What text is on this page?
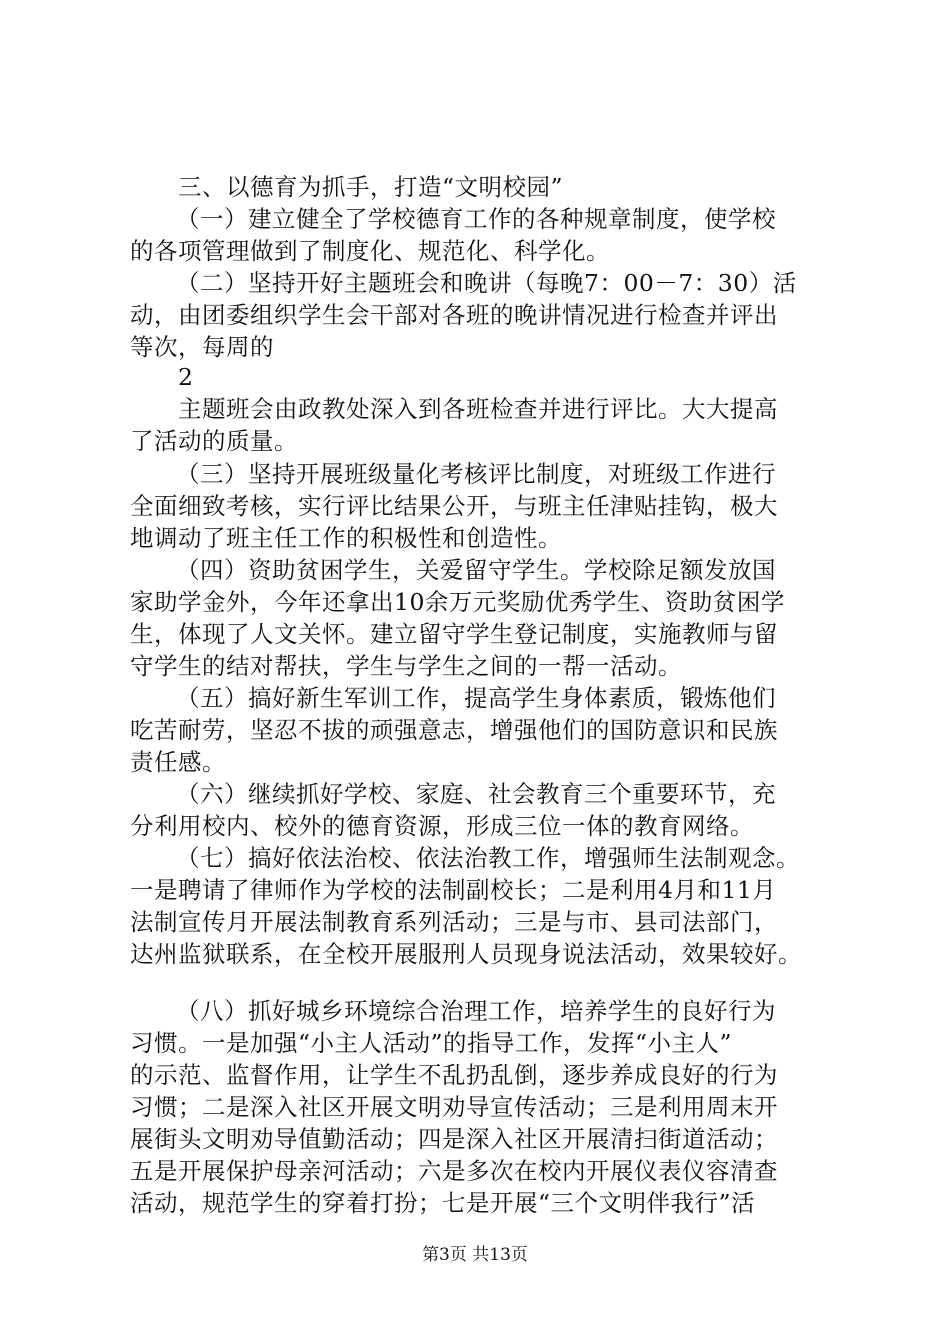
三、以德育为抓手，打造“文明校园”
（一）建立健全了学校德育工作的各种规章制度，使学校
的各项管理做到了制度化、规范化、科学化。
（二）坚持开好主题班会和晚讲（每晚7：00－7：30）活
动，由团委组织学生会干部对各班的晚讲情况进行检查并评出
等次，每周的
2
主题班会由政教处深入到各班检查并进行评比。大大提高
了活动的质量。
（三）坚持开展班级量化考核评比制度，对班级工作进行
全面细致考核，实行评比结果公开，与班主任津贴挂钩，极大
地调动了班主任工作的积极性和创造性。
（四）资助贫困学生，关爱留守学生。学校除足额发放国
家助学金外，今年还拿出10余万元奖励优秀学生、资助贫困学
生，体现了人文关怀。建立留守学生登记制度，实施教师与留
守学生的结对帮扶，学生与学生之间的一帮一活动。
（五）搞好新生军训工作，提高学生身体素质，锻炼他们
吃苦耐劳，坚忍不拔的顽强意志，增强他们的国防意识和民族
责任感。
（六）继续抓好学校、家庭、社会教育三个重要环节，充
分利用校内、校外的德育资源，形成三位一体的教育网络。
（七）搞好依法治校、依法治教工作，增强师生法制观念。
一是聘请了律师作为学校的法制副校长；二是利用4月和11月
法制宣传月开展法制教育系列活动；三是与市、县司法部门，
达州监狱联系，在全校开展服刑人员现身说法活动，效果较好。
（八）抓好城乡环境综合治理工作，培养学生的良好行为
习惯。一是加强“小主人活动”的指导工作，发挥“小主人”
的示范、监督作用，让学生不乱扔乱倒，逐步养成良好的行为
习惯；二是深入社区开展文明劝导宣传活动；三是利用周末开
展街头文明劝导值勤活动；四是深入社区开展清扫街道活动；
五是开展保护母亲河活动；六是多次在校内开展仪表仪容清查
活动，规范学生的穿着打扮；七是开展“三个文明伴我行”活
第3页 共13页
